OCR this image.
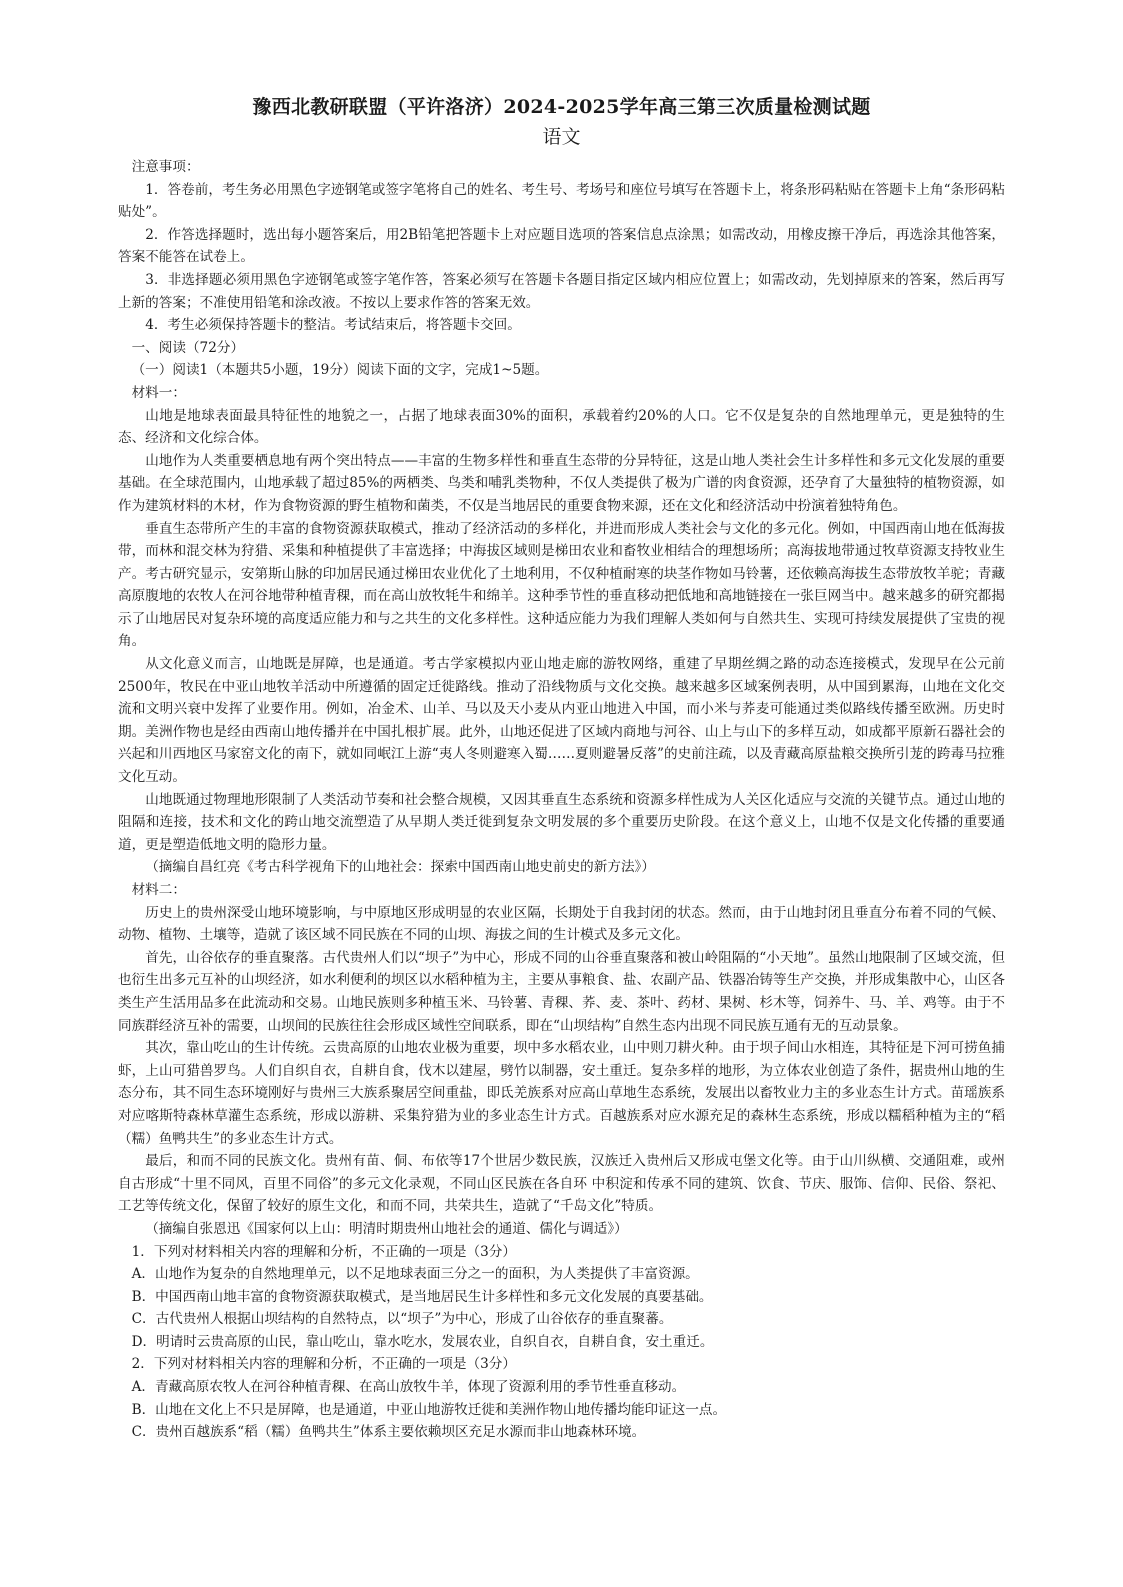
豫西北教研联盟（平许洛济）2024-2025学年高三第三次质量检测试题
语文

注意事项：

1．答卷前，考生务必用黑色字迹钢笔或签字笔将自己的姓名、考生号、考场号和座位号填写在答题卡上，将条形码粘贴在答题卡上角“条形码粘贴处”。

2．作答选择题时，选出每小题答案后，用2B铅笔把答题卡上对应题目选项的答案信息点涂黑；如需改动，用橡皮擦干净后，再选涂其他答案，答案不能答在试卷上。

3．非选择题必须用黑色字迹钢笔或签字笔作答，答案必须写在答题卡各题目指定区域内相应位置上；如需改动，先划掉原来的答案，然后再写上新的答案；不准使用铅笔和涂改液。不按以上要求作答的答案无效。

4．考生必须保持答题卡的整洁。考试结束后，将答题卡交回。

一、阅读（72分）

（一）阅读1（本题共5小题，19分）阅读下面的文字，完成1~5题。

材料一：

山地是地球表面最具特征性的地貌之一，占据了地球表面30%的面积，承载着约20%的人口。它不仅是复杂的自然地理单元，更是独特的生态、经济和文化综合体。

山地作为人类重要栖息地有两个突出特点——丰富的生物多样性和垂直生态带的分异特征，这是山地人类社会生计多样性和多元文化发展的重要基础。在全球范围内，山地承载了超过85%的两栖类、鸟类和哺乳类物种，不仅人类提供了极为广谱的肉食资源，还孕育了大量独特的植物资源，如作为建筑材料的木材，作为食物资源的野生植物和菌类，不仅是当地居民的重要食物来源，还在文化和经济活动中扮演着独特角色。

垂直生态带所产生的丰富的食物资源获取模式，推动了经济活动的多样化，并进而形成人类社会与文化的多元化。例如，中国西南山地在低海拔带，而林和混交林为狩猎、采集和种植提供了丰富选择；中海拔区域则是梯田农业和畜牧业相结合的理想场所；高海拔地带通过牧草资源支持牧业生产。考古研究显示，安第斯山脉的印加居民通过梯田农业优化了土地利用，不仅种植耐寒的块茎作物如马铃薯，还依赖高海拔生态带放牧羊驼；青藏高原腹地的农牧人在河谷地带种植青稞，而在高山放牧牦牛和绵羊。这种季节性的垂直移动把低地和高地链接在一张巨网当中。越来越多的研究都揭示了山地居民对复杂环境的高度适应能力和与之共生的文化多样性。这种适应能力为我们理解人类如何与自然共生、实现可持续发展提供了宝贵的视角。

从文化意义而言，山地既是屏障，也是通道。考古学家模拟内亚山地走廊的游牧网络，重建了早期丝绸之路的动态连接模式，发现早在公元前2500年，牧民在中亚山地牧羊活动中所遵循的固定迁徙路线。推动了沿线物质与文化交换。越来越多区域案例表明，从中国到累海，山地在文化交流和文明兴衰中发挥了业要作用。例如，冶金术、山羊、马以及天小麦从内亚山地进入中国，而小米与荞麦可能通过类似路线传播至欧洲。历史时期。美洲作物也是经由西南山地传播并在中国扎根扩展。此外，山地还促进了区域内商地与河谷、山上与山下的多样互动，如成都平原新石器社会的兴起和川西地区马家窑文化的南下，就如同岷江上游“夷人冬则避寒入蜀……夏则避暑反落”的史前注疏，以及青藏高原盐粮交换所引茏的跨毒马拉雅文化互动。

山地既通过物理地形限制了人类活动节奏和社会整合规模，又因其垂直生态系统和资源多样性成为人关区化适应与交流的关键节点。通过山地的阻隔和连接，技术和文化的跨山地交流塑造了从早期人类迁徙到复杂文明发展的多个重要历史阶段。在这个意义上，山地不仅是文化传播的重要通道，更是塑造低地文明的隐形力量。

（摘编自昌红亮《考古科学视角下的山地社会：探索中国西南山地史前史的新方法》）

材料二：

历史上的贵州深受山地环境影响，与中原地区形成明显的农业区隔，长期处于自我封闭的状态。然而，由于山地封闭且垂直分布着不同的气候、动物、植物、土壤等，造就了该区域不同民族在不同的山坝、海拔之间的生计模式及多元文化。

首先，山谷依存的垂直聚落。古代贵州人们以“坝子”为中心，形成不同的山谷垂直聚落和被山岭阻隔的“小天地”。虽然山地限制了区域交流，但也衍生出多元互补的山坝经济，如水利便利的坝区以水稻种植为主，主要从事粮食、盐、农副产品、铁器冶铸等生产交换，并形成集散中心，山区各类生产生活用品多在此流动和交易。山地民族则多种植玉米、马铃薯、青稞、荞、麦、茶叶、药材、果树、杉木等，饲养牛、马、羊、鸡等。由于不同族群经济互补的需要，山坝间的民族往往会形成区域性空间联系，即在“山坝结构”自然生态内出现不同民族互通有无的互动景象。

其次，靠山吃山的生计传统。云贵高原的山地农业极为重要，坝中多水稻农业，山中则刀耕火种。由于坝子间山水相连，其特征是下河可捞鱼捕虾，上山可猎兽罗鸟。人们自织自衣，自耕自食，伐木以建屋，劈竹以制器，安土重迁。复杂多样的地形，为立体农业创造了条件，据贵州山地的生态分布，其不同生态环境刚好与贵州三大族系聚居空间重盐，即氐羌族系对应高山草地生态系统，发展出以畜牧业力主的多业态生计方式。苗瑶族系对应喀斯特森林草灌生态系统，形成以游耕、采集狩猎为业的多业态生计方式。百越族系对应水源充足的森林生态系统，形成以糯稻种植为主的“稻（糯）鱼鸭共生”的多业态生计方式。

最后，和而不同的民族文化。贵州有苗、侗、布依等17个世居少数民族，汉族迁入贵州后又形成屯堡文化等。由于山川纵横、交通阻难，或州自古形成“十里不同风，百里不同俗”的多元文化录观，不同山区民族在各自环 中积淀和传承不同的建筑、饮食、节庆、服饰、信仰、民俗、祭祀、工艺等传统文化，保留了较好的原生文化，和而不同，共荣共生，造就了“千岛文化”特质。

（摘编自张恩迅《国家何以上山：明清时期贵州山地社会的通道、儒化与调适》）

1．下列对材料相关内容的理解和分析，不正确的一项是（3分）

A．山地作为复杂的自然地理单元，以不足地球表面三分之一的面积，为人类提供了丰富资源。

B．中国西南山地丰富的食物资源获取模式，是当地居民生计多样性和多元文化发展的真要基础。

C．古代贵州人根据山坝结构的自然特点，以“坝子”为中心，形成了山谷依存的垂直聚蕃。

D．明请时云贵高原的山民，靠山吃山，靠水吃水，发展农业，自织自衣，自耕自食，安土重迁。

2．下列对材料相关内容的理解和分析，不正确的一项是（3分）

A．青藏高原农牧人在河谷种植青稞、在高山放牧牛羊，体现了资源利用的季节性垂直移动。

B．山地在文化上不只是屏障，也是通道，中亚山地游牧迁徙和美洲作物山地传播均能印证这一点。

C．贵州百越族系“稻（糯）鱼鸭共生”体系主要依赖坝区充足水源而非山地森林环境。
